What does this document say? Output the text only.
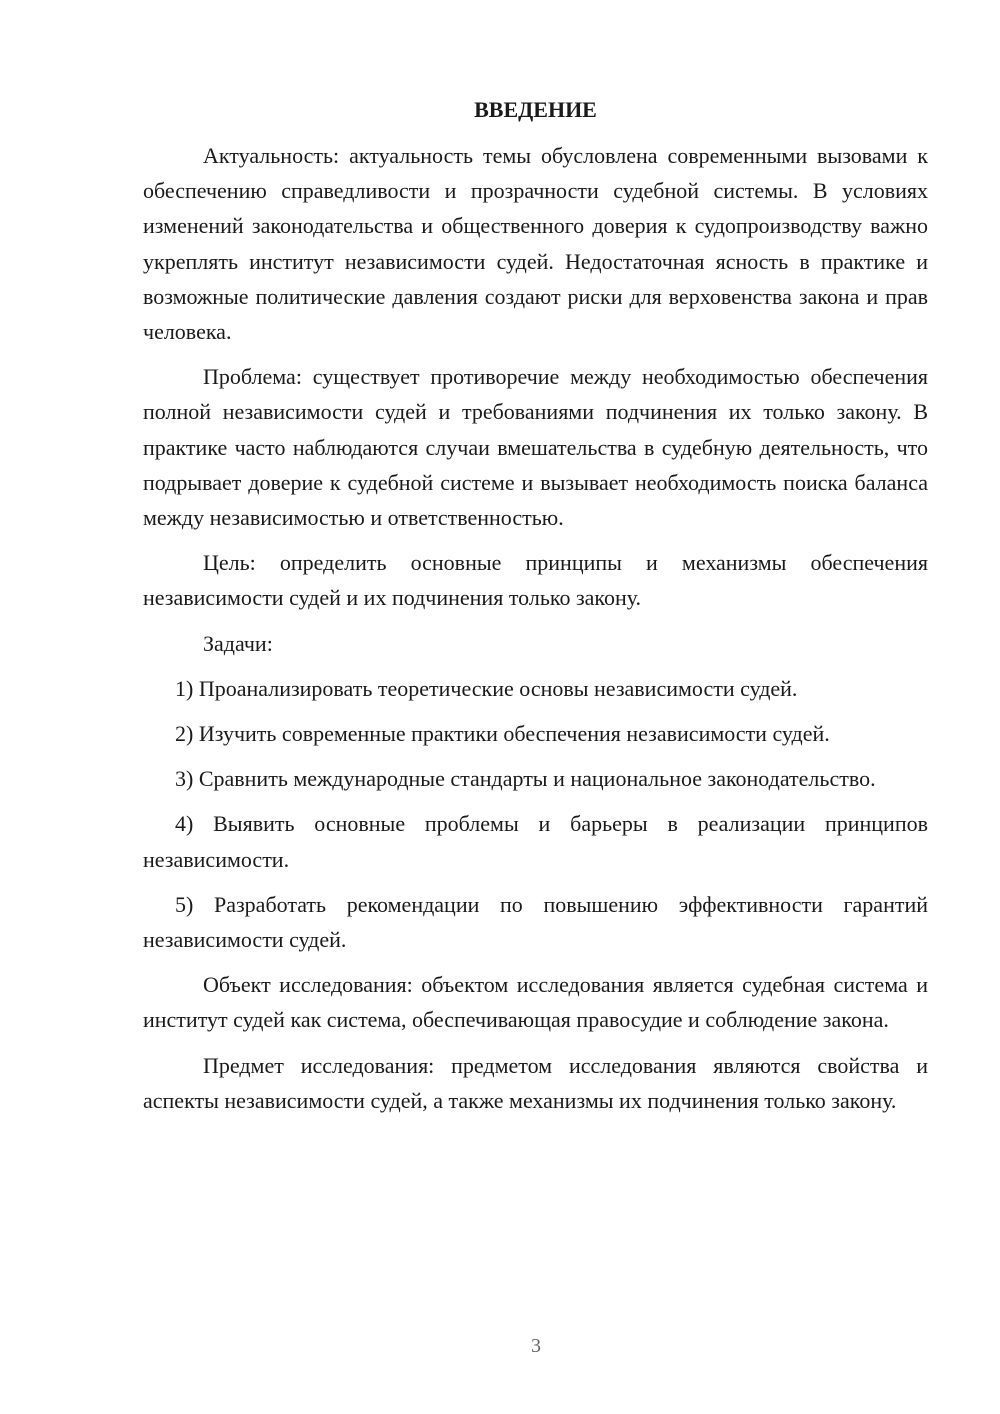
ВВЕДЕНИЕ

Актуальность: актуальность темы обусловлена современными вызовами к обеспечению справедливости и прозрачности судебной системы. В условиях изменений законодательства и общественного доверия к судопроизводству важно укреплять институт независимости судей. Недостаточная ясность в практике и возможные политические давления создают риски для верховенства закона и прав человека.

Проблема: существует противоречие между необходимостью обеспечения полной независимости судей и требованиями подчинения их только закону. В практике часто наблюдаются случаи вмешательства в судебную деятельность, что подрывает доверие к судебной системе и вызывает необходимость поиска баланса между независимостью и ответственностью.

Цель: определить основные принципы и механизмы обеспечения независимости судей и их подчинения только закону.

Задачи:

1) Проанализировать теоретические основы независимости судей.

2) Изучить современные практики обеспечения независимости судей.

3) Сравнить международные стандарты и национальное законодательство.

4) Выявить основные проблемы и барьеры в реализации принципов независимости.

5) Разработать рекомендации по повышению эффективности гарантий независимости судей.

Объект исследования: объектом исследования является судебная система и институт судей как система, обеспечивающая правосудие и соблюдение закона.

Предмет исследования: предметом исследования являются свойства и аспекты независимости судей, а также механизмы их подчинения только закону.

3
